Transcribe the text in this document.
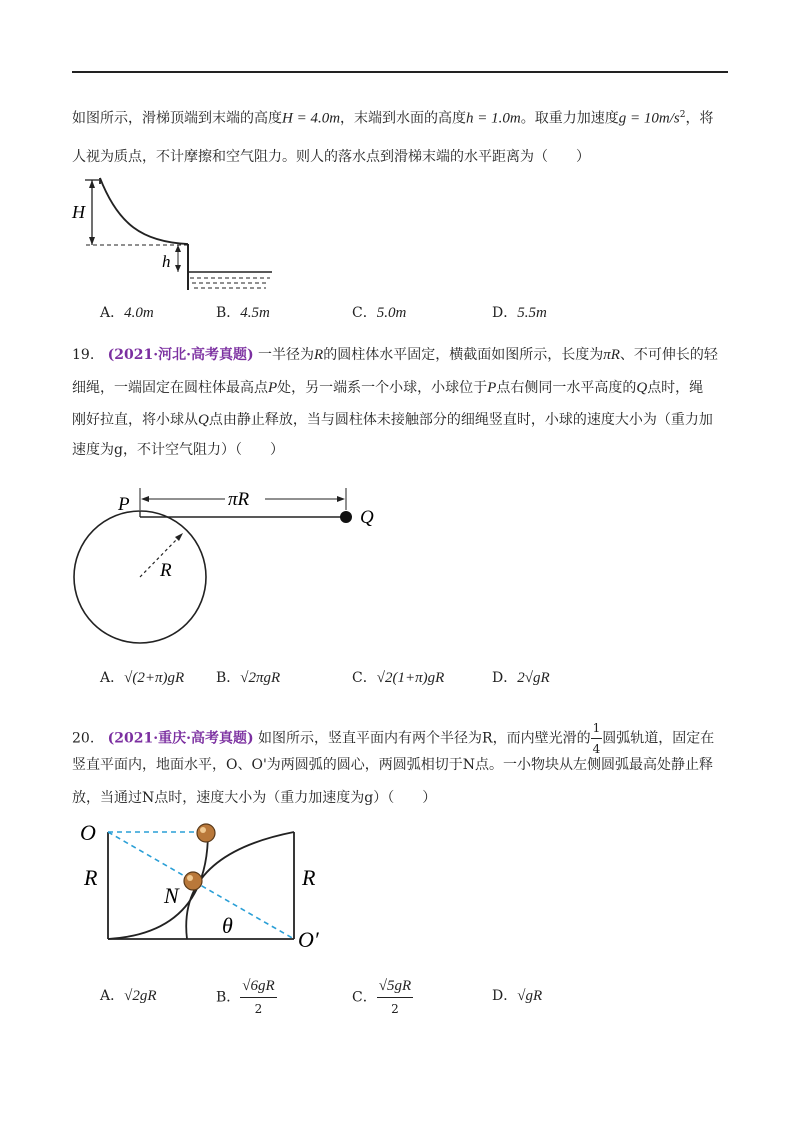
如图所示，滑梯顶端到末端的高度H = 4.0m，末端到水面的高度h = 1.0m。取重力加速度$g = 10m/s^2$，将
人视为质点，不计摩擦和空气阻力。则人的落水点到滑梯末端的水平距离为（　　）
H
h
A．4.0m	B．4.5m	C．5.0m	D．5.5m
19. (2021·河北·高考真题) 一半径为R的圆柱体水平固定，横截面如图所示，长度为πR、不可伸长的轻
细绳，一端固定在圆柱体最高点P处，另一端系一个小球，小球位于P点右侧同一水平高度的Q点时，绳
刚好拉直，将小球从Q点由静止释放，当与圆柱体未接触部分的细绳竖直时，小球的速度大小为（重力加
速度为g，不计空气阻力）（　　）
P	πR
Q
R
A．√(2+π)gR B．√2πgR	C．√2(1+π)gR	D．2√gR
20. (2021·重庆·高考真题) 如图所示，竖直平面内有两个半径为R，而内壁光滑的 $\frac{1}{4}$ 圆弧轨道，固定在
竖直平面内，地面水平，O、O'为两圆弧的圆心，两圆弧相切于N点。一小物块从左侧圆弧最高处静止释
放，当通过N点时，速度大小为（重力加速度为g）（　　）
O
R
N
θ
R
O′
A．√2gR	B． $\frac{√6gR}{2}$	C． $\frac{√5gR}{2}$	D．√gR
